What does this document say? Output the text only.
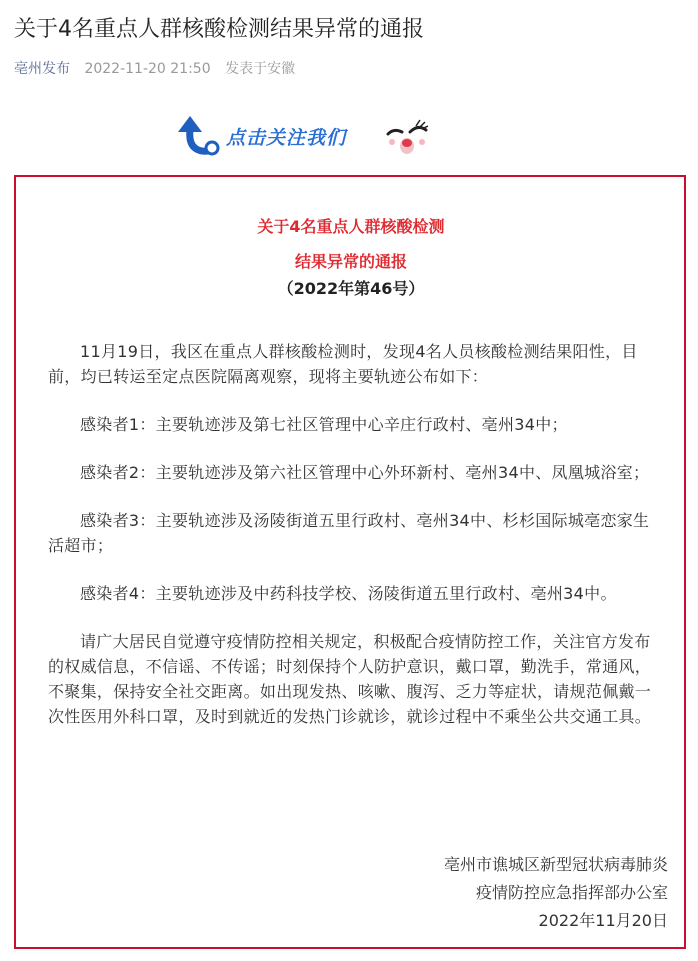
关于4名重点人群核酸检测结果异常的通报
亳州发布 2022-11-20 21:50 发表于安徽
点击关注我们
关于4名重点人群核酸检测
结果异常的通报
（2022年第46号）

11月19日，我区在重点人群核酸检测时，发现4名人员核酸检测结果阳性，目前，均已转运至定点医院隔离观察，现将主要轨迹公布如下：

感染者1：主要轨迹涉及第七社区管理中心辛庄行政村、亳州34中；

感染者2：主要轨迹涉及第六社区管理中心外环新村、亳州34中、凤凰城浴室；

感染者3：主要轨迹涉及汤陵街道五里行政村、亳州34中、杉杉国际城亳恋家生活超市；

感染者4：主要轨迹涉及中药科技学校、汤陵街道五里行政村、亳州34中。

请广大居民自觉遵守疫情防控相关规定，积极配合疫情防控工作，关注官方发布的权威信息，不信谣、不传谣；时刻保持个人防护意识，戴口罩，勤洗手，常通风，不聚集，保持安全社交距离。如出现发热、咳嗽、腹泻、乏力等症状，请规范佩戴一次性医用外科口罩，及时到就近的发热门诊就诊，就诊过程中不乘坐公共交通工具。

亳州市谯城区新型冠状病毒肺炎
疫情防控应急指挥部办公室
2022年11月20日
